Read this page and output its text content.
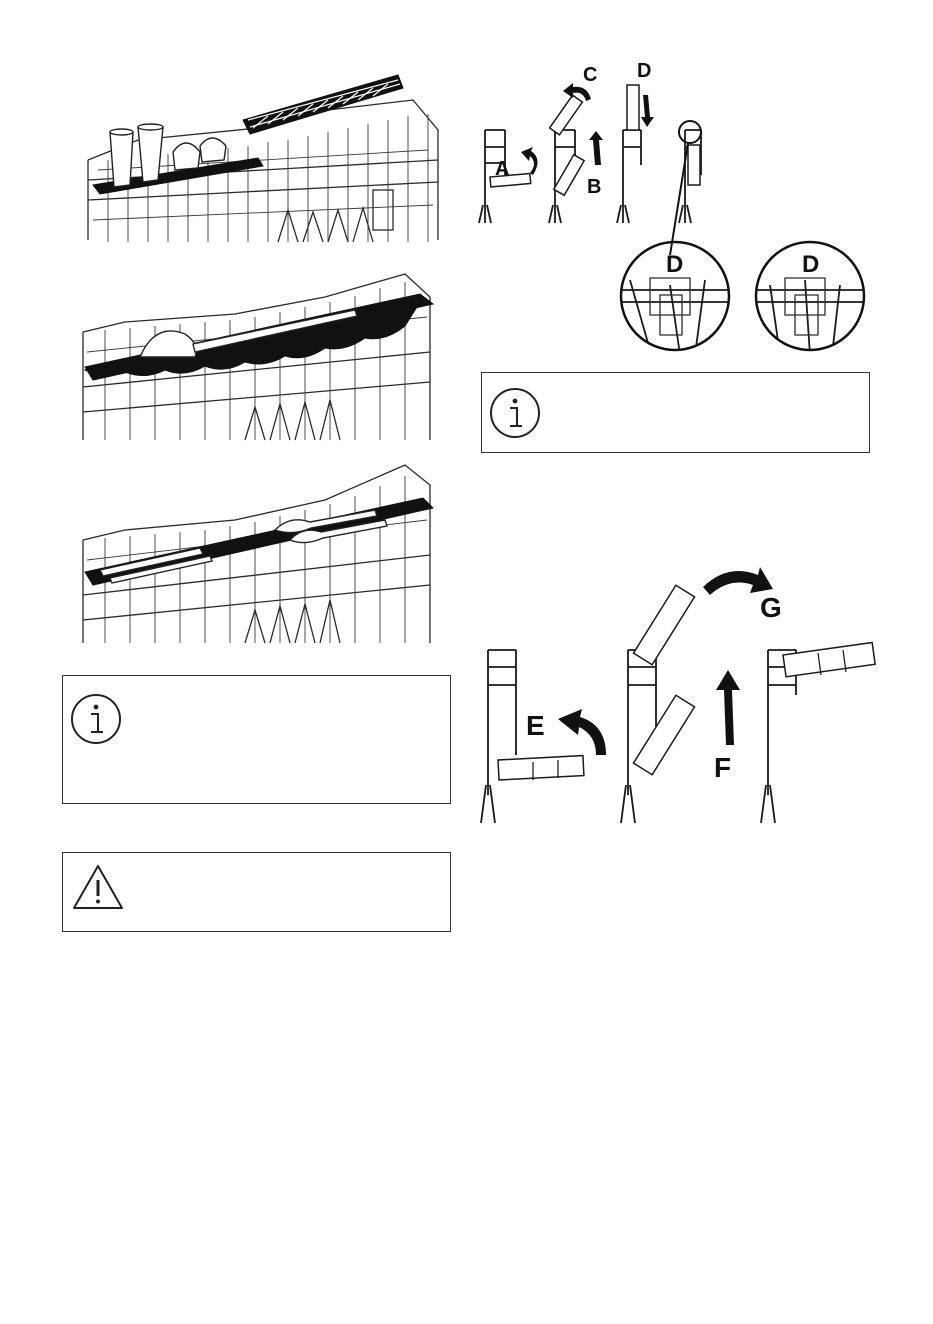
A
B
C D
D	D
E
F
G
